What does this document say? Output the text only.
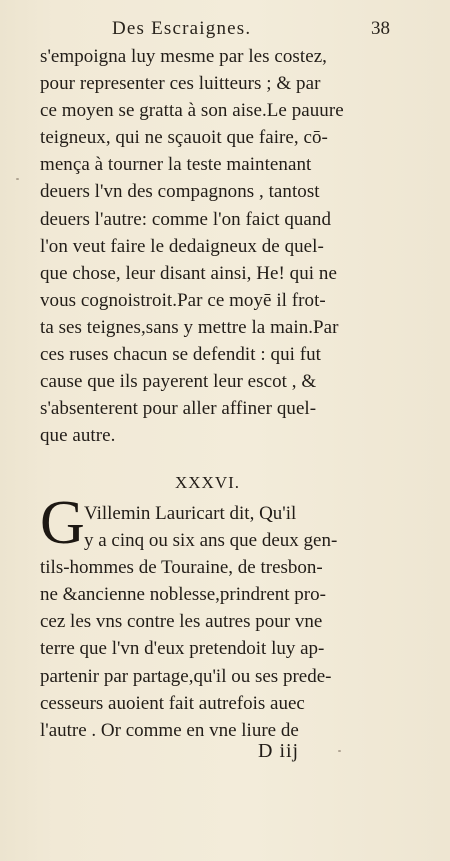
Des Escraignes.	38
s'empoigna luy mesme par les costez,
pour representer ces luitteurs ; & par
ce moyen se gratta à son aise.Le pauure
teigneux, qui ne sçauoit que faire, cō-
mença à tourner la teste maintenant
deuers l'vn des compagnons , tantost
deuers l'autre: comme l'on faict quand
l'on veut faire le dedaigneux de quel-
que chose, leur disant ainsi, He! qui ne
vous cognoistroit.Par ce moyē il frot-
ta ses teignes,sans y mettre la main.Par
ces ruses chacun se defendit : qui fut
cause que ils payerent leur escot , &
s'absenterent pour aller affiner quel-
que autre.
XXXVI.
G Villemin Lauricart dit, Qu'il
y a cinq ou six ans que deux gen-
tils-hommes de Touraine, de tresbon-
ne &ancienne noblesse,prindrent pro-
cez les vns contre les autres pour vne
terre que l'vn d'eux pretendoit luy ap-
partenir par partage,qu'il ou ses prede-
cesseurs auoient fait autrefois auec
l'autre . Or comme en vne liure de
D iij
